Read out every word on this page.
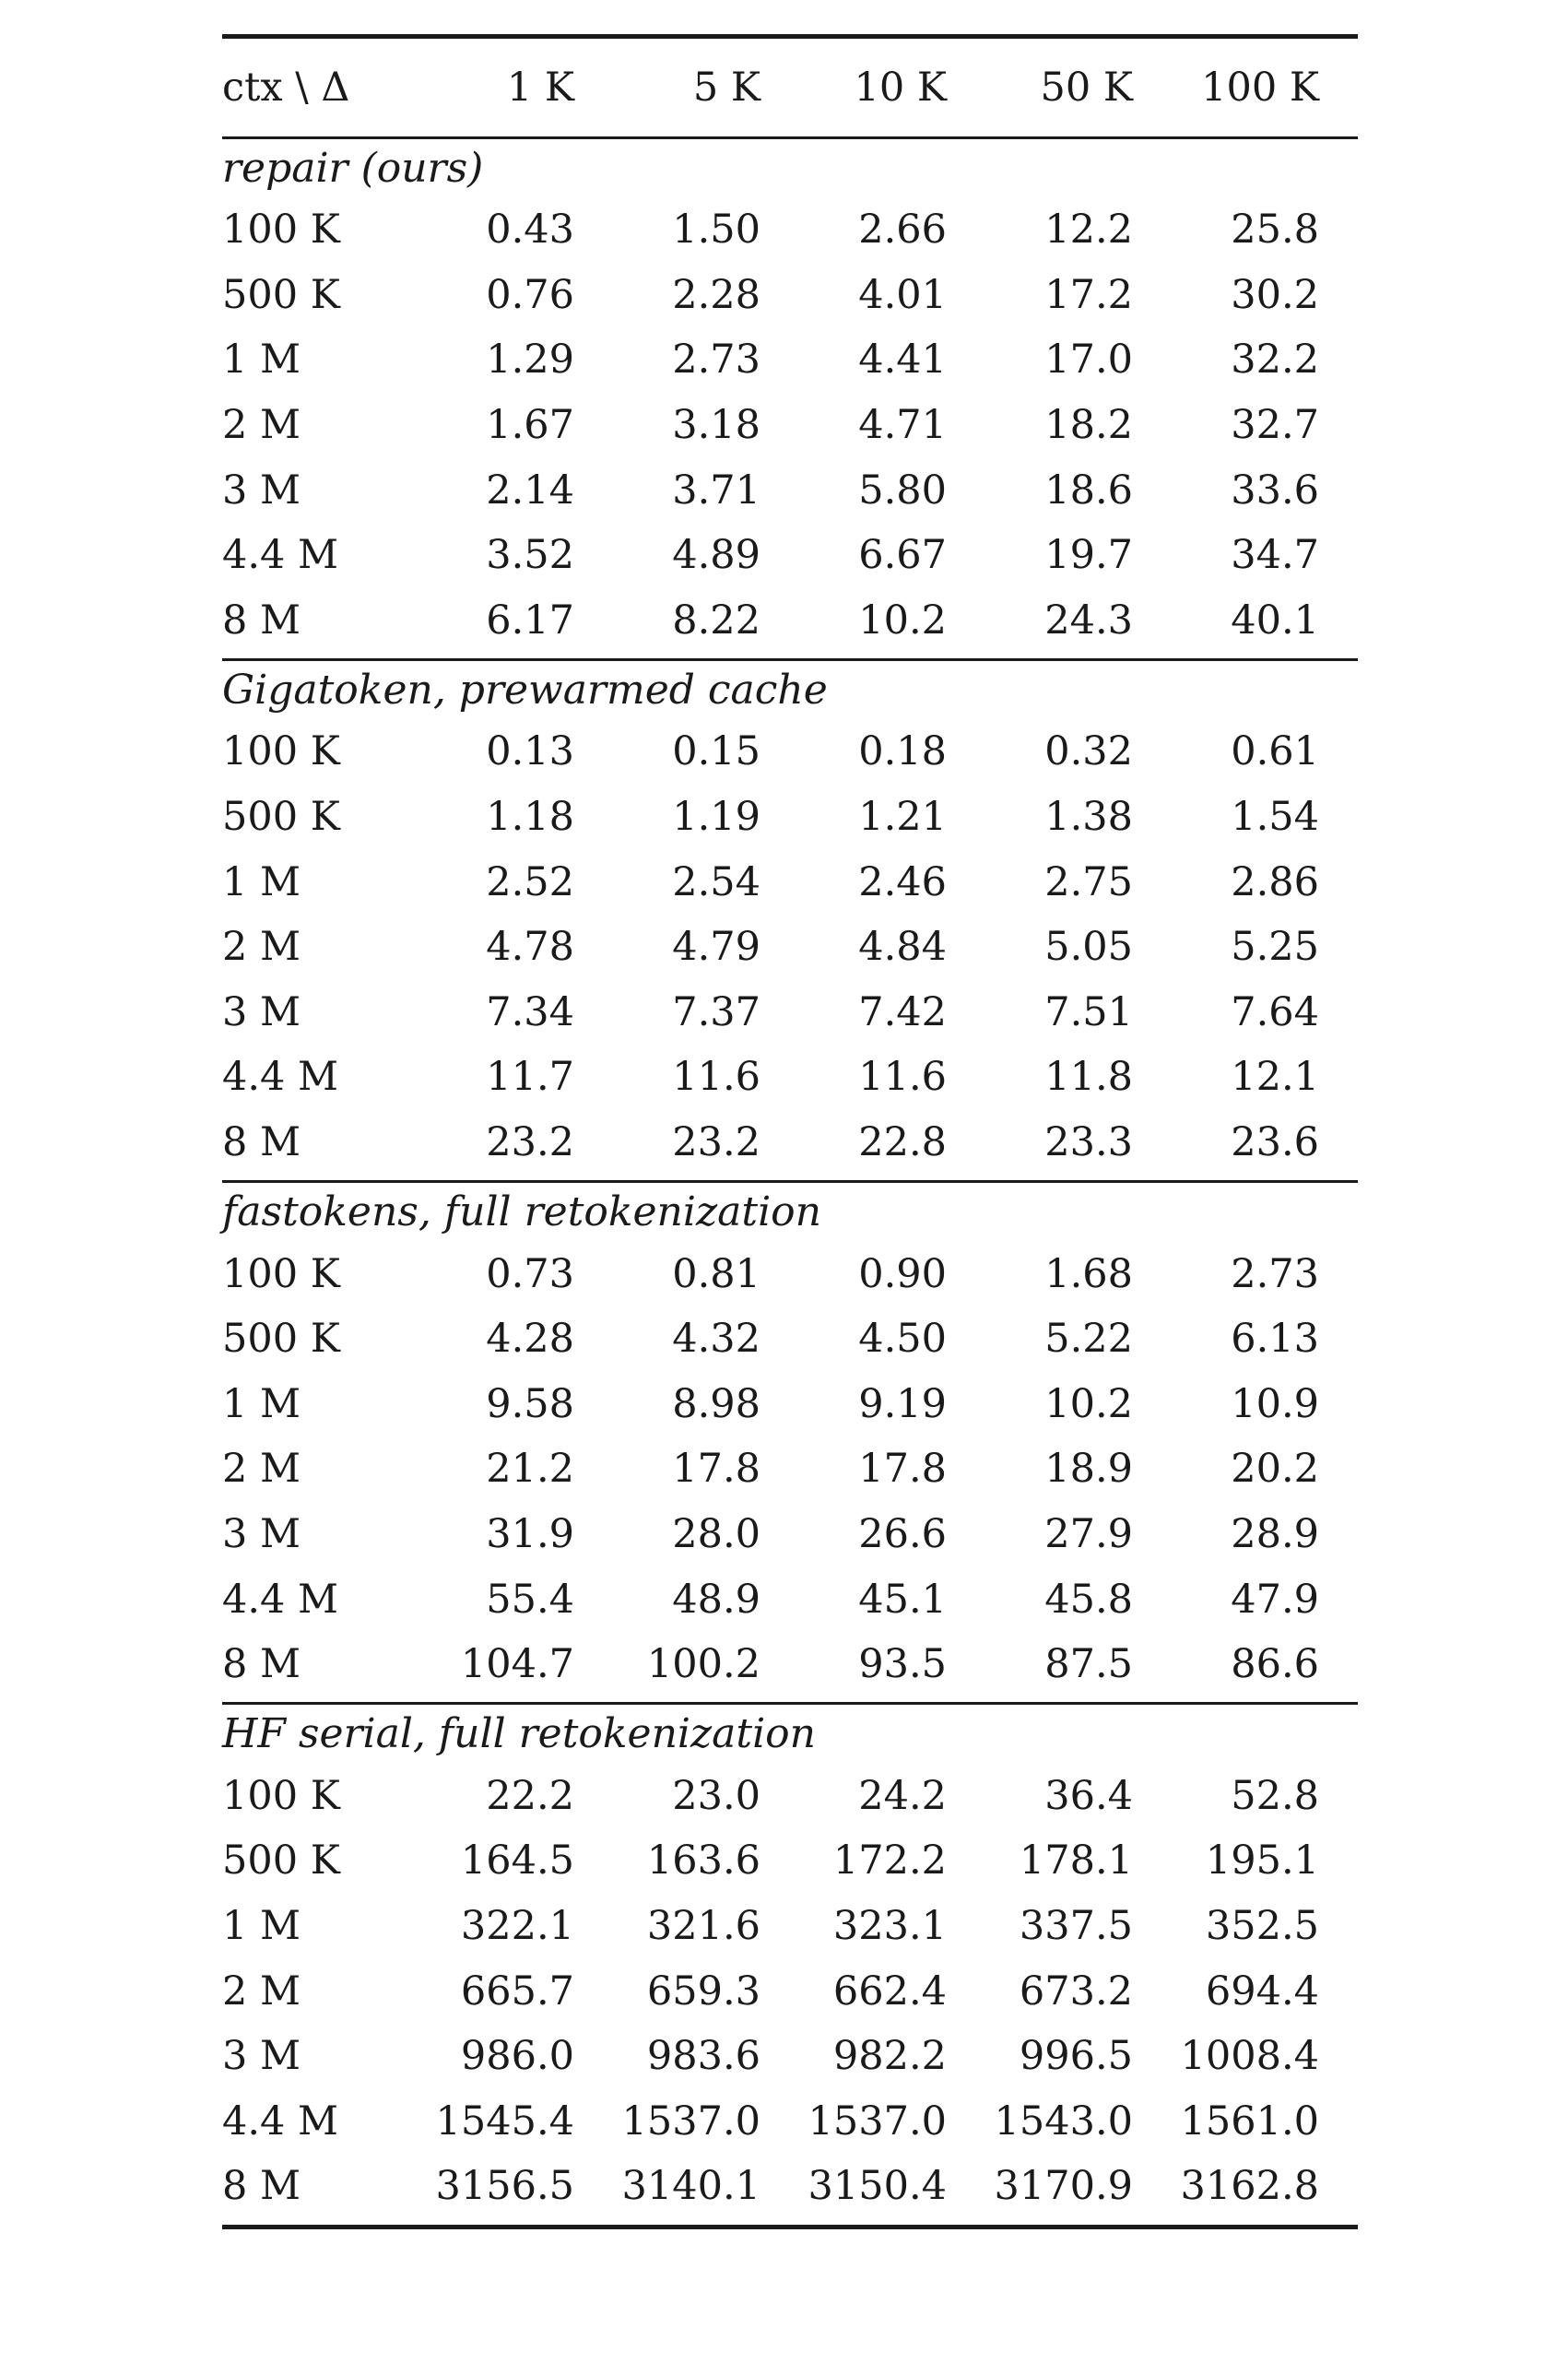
ctx \ Δ	1 K	5 K	10 K	50 K	100 K
repair (ours)
100 K	0.43	1.50	2.66	12.2	25.8
500 K	0.76	2.28	4.01	17.2	30.2
1 M	1.29	2.73	4.41	17.0	32.2
2 M	1.67	3.18	4.71	18.2	32.7
3 M	2.14	3.71	5.80	18.6	33.6
4.4 M	3.52	4.89	6.67	19.7	34.7
8 M	6.17	8.22	10.2	24.3	40.1
Gigatoken, prewarmed cache
100 K	0.13	0.15	0.18	0.32	0.61
500 K	1.18	1.19	1.21	1.38	1.54
1 M	2.52	2.54	2.46	2.75	2.86
2 M	4.78	4.79	4.84	5.05	5.25
3 M	7.34	7.37	7.42	7.51	7.64
4.4 M	11.7	11.6	11.6	11.8	12.1
8 M	23.2	23.2	22.8	23.3	23.6
fastokens, full retokenization
100 K	0.73	0.81	0.90	1.68	2.73
500 K	4.28	4.32	4.50	5.22	6.13
1 M	9.58	8.98	9.19	10.2	10.9
2 M	21.2	17.8	17.8	18.9	20.2
3 M	31.9	28.0	26.6	27.9	28.9
4.4 M	55.4	48.9	45.1	45.8	47.9
8 M	104.7	100.2	93.5	87.5	86.6
HF serial, full retokenization
100 K	22.2	23.0	24.2	36.4	52.8
500 K	164.5	163.6	172.2	178.1	195.1
1 M	322.1	321.6	323.1	337.5	352.5
2 M	665.7	659.3	662.4	673.2	694.4
3 M	986.0	983.6	982.2	996.5	1008.4
4.4 M	1545.4	1537.0	1537.0	1543.0	1561.0
8 M	3156.5	3140.1	3150.4	3170.9	3162.8
